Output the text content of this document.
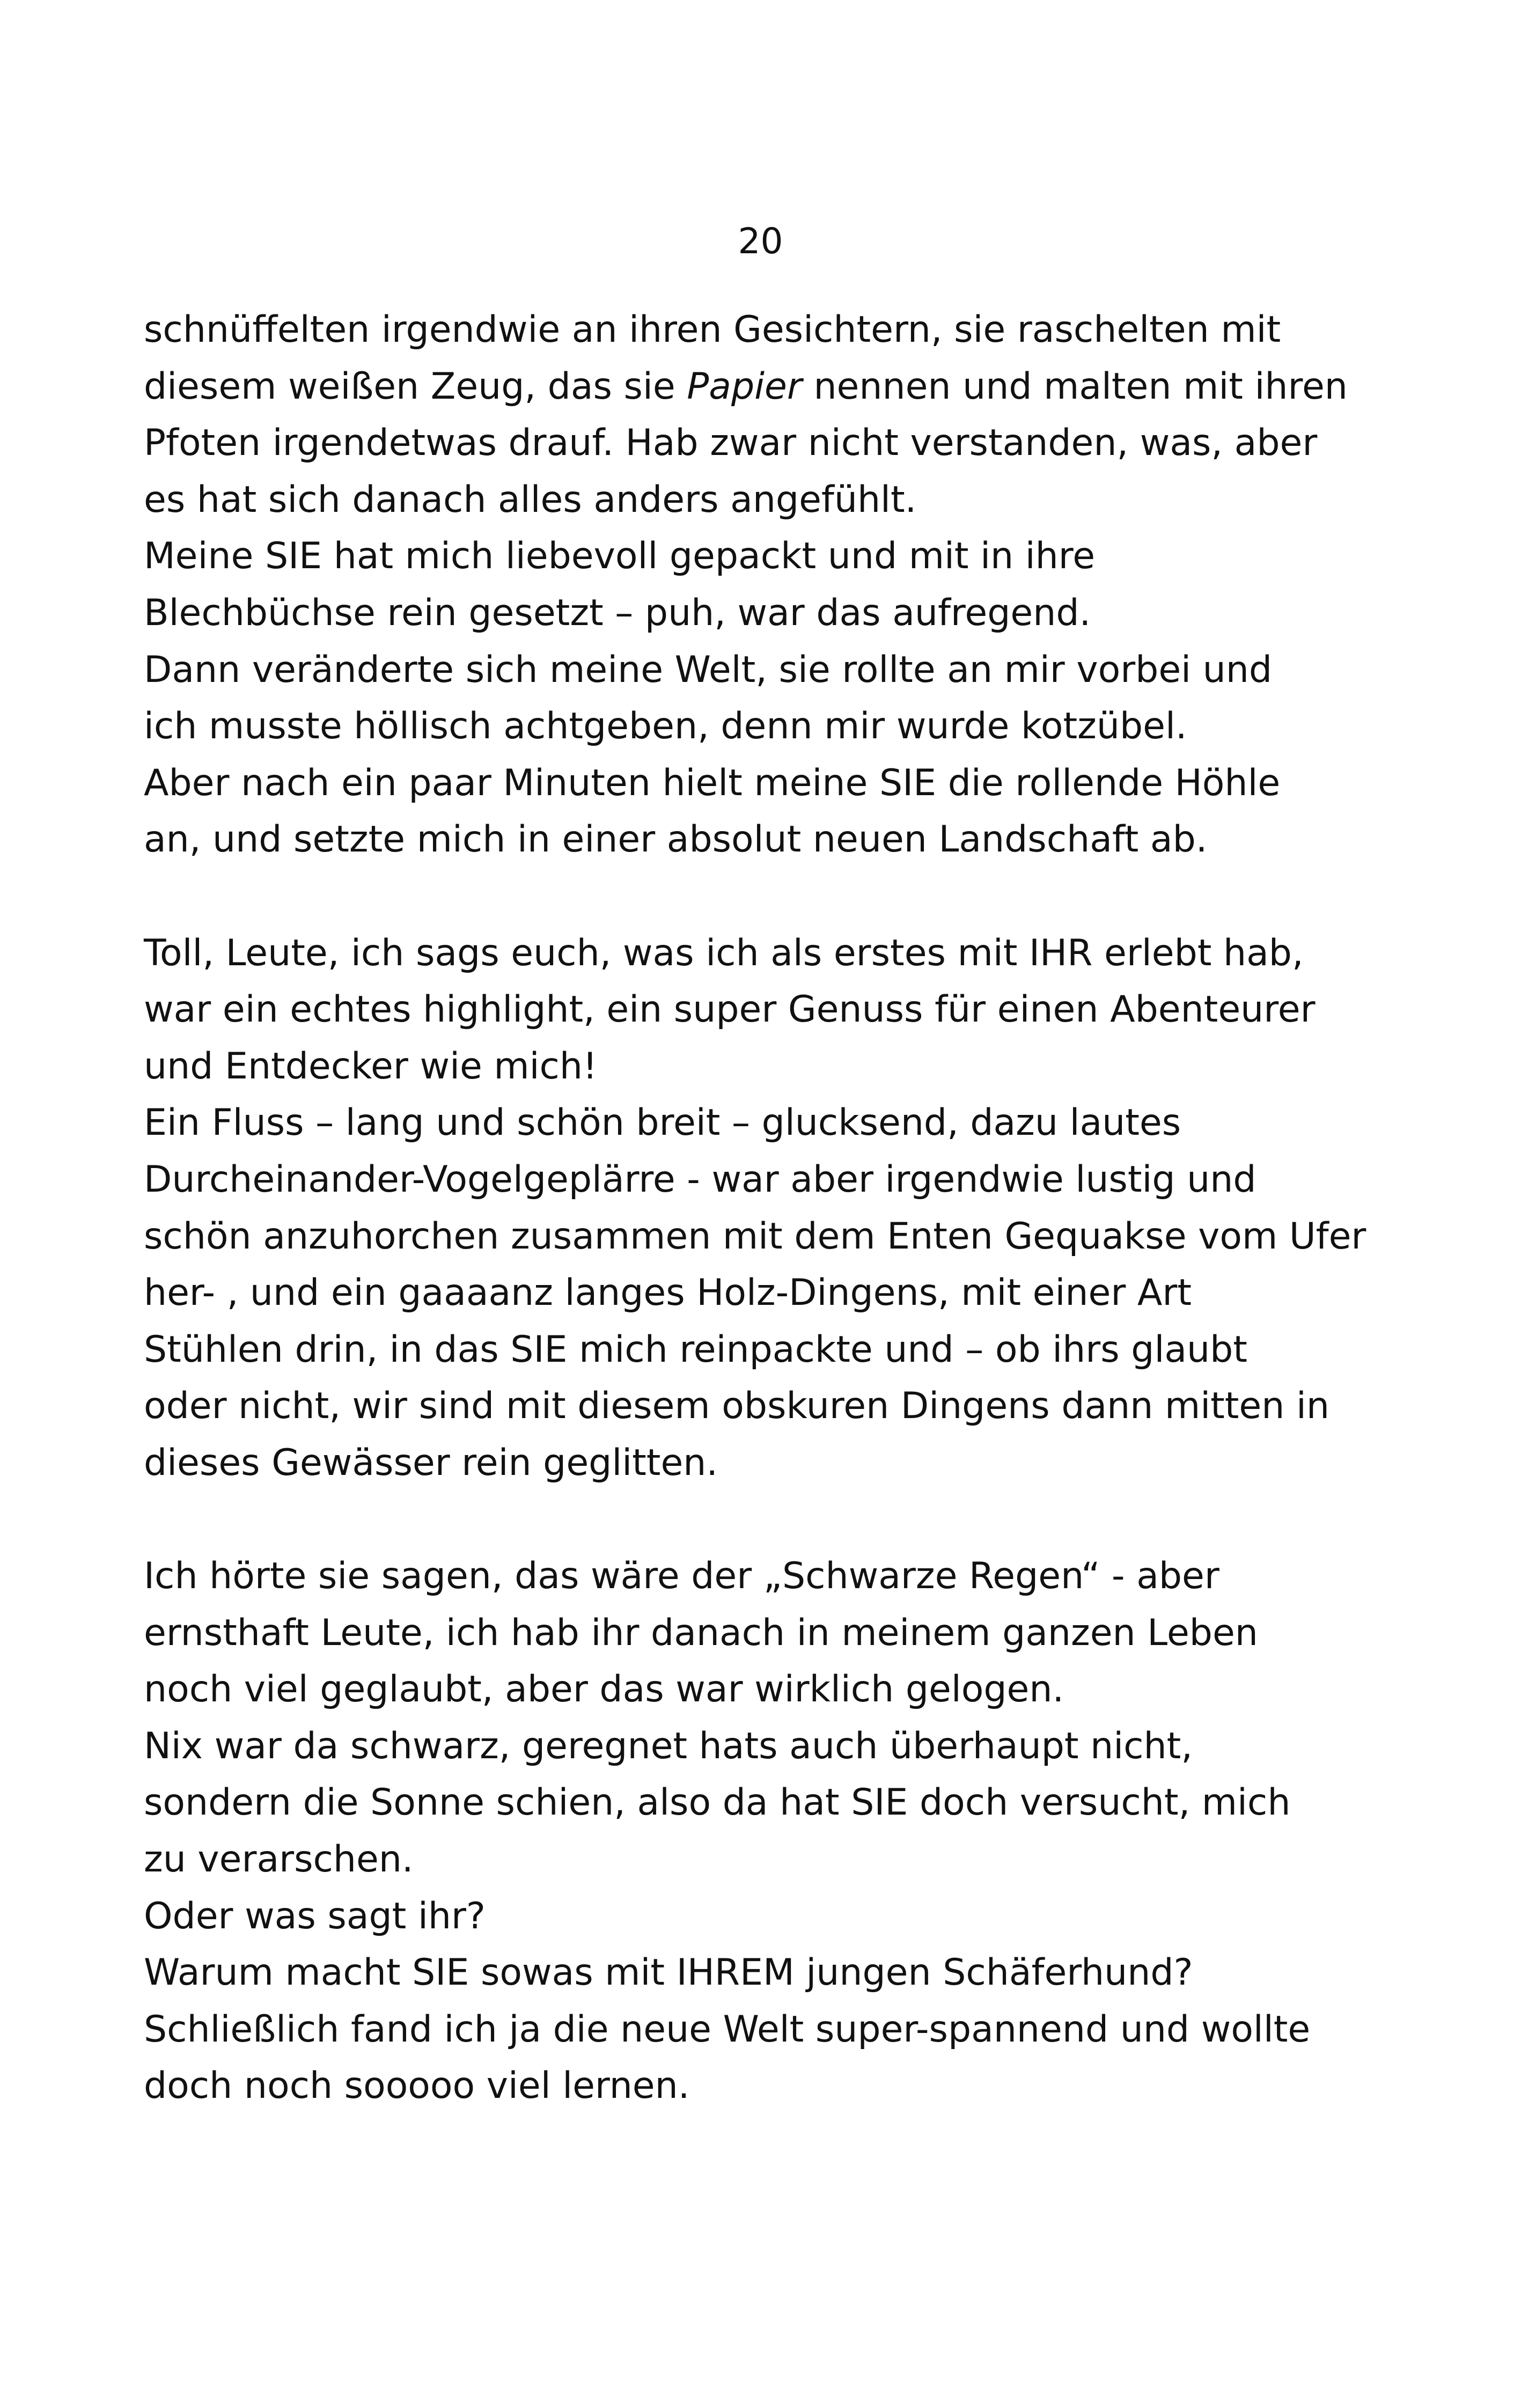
20
schnüffelten irgendwie an ihren Gesichtern, sie raschelten mit
diesem weißen Zeug, das sie Papier nennen und malten mit ihren
Pfoten irgendetwas drauf. Hab zwar nicht verstanden, was, aber
es hat sich danach alles anders angefühlt.
Meine SIE hat mich liebevoll gepackt und mit in ihre
Blechbüchse rein gesetzt – puh, war das aufregend.
Dann veränderte sich meine Welt, sie rollte an mir vorbei und
ich musste höllisch achtgeben, denn mir wurde kotzübel.
Aber nach ein paar Minuten hielt meine SIE die rollende Höhle
an, und setzte mich in einer absolut neuen Landschaft ab.
Toll, Leute, ich sags euch, was ich als erstes mit IHR erlebt hab,
war ein echtes highlight, ein super Genuss für einen Abenteurer
und Entdecker wie mich!
Ein Fluss – lang und schön breit – glucksend, dazu lautes
Durcheinander-Vogelgeplärre - war aber irgendwie lustig und
schön anzuhorchen zusammen mit dem Enten Gequakse vom Ufer
her- , und ein gaaaanz langes Holz-Dingens, mit einer Art
Stühlen drin, in das SIE mich reinpackte und – ob ihrs glaubt
oder nicht, wir sind mit diesem obskuren Dingens dann mitten in
dieses Gewässer rein geglitten.
Ich hörte sie sagen, das wäre der „Schwarze Regen“ - aber
ernsthaft Leute, ich hab ihr danach in meinem ganzen Leben
noch viel geglaubt, aber das war wirklich gelogen.
Nix war da schwarz, geregnet hats auch überhaupt nicht,
sondern die Sonne schien, also da hat SIE doch versucht, mich
zu verarschen.
Oder was sagt ihr?
Warum macht SIE sowas mit IHREM jungen Schäferhund?
Schließlich fand ich ja die neue Welt super-spannend und wollte
doch noch sooooo viel lernen.
